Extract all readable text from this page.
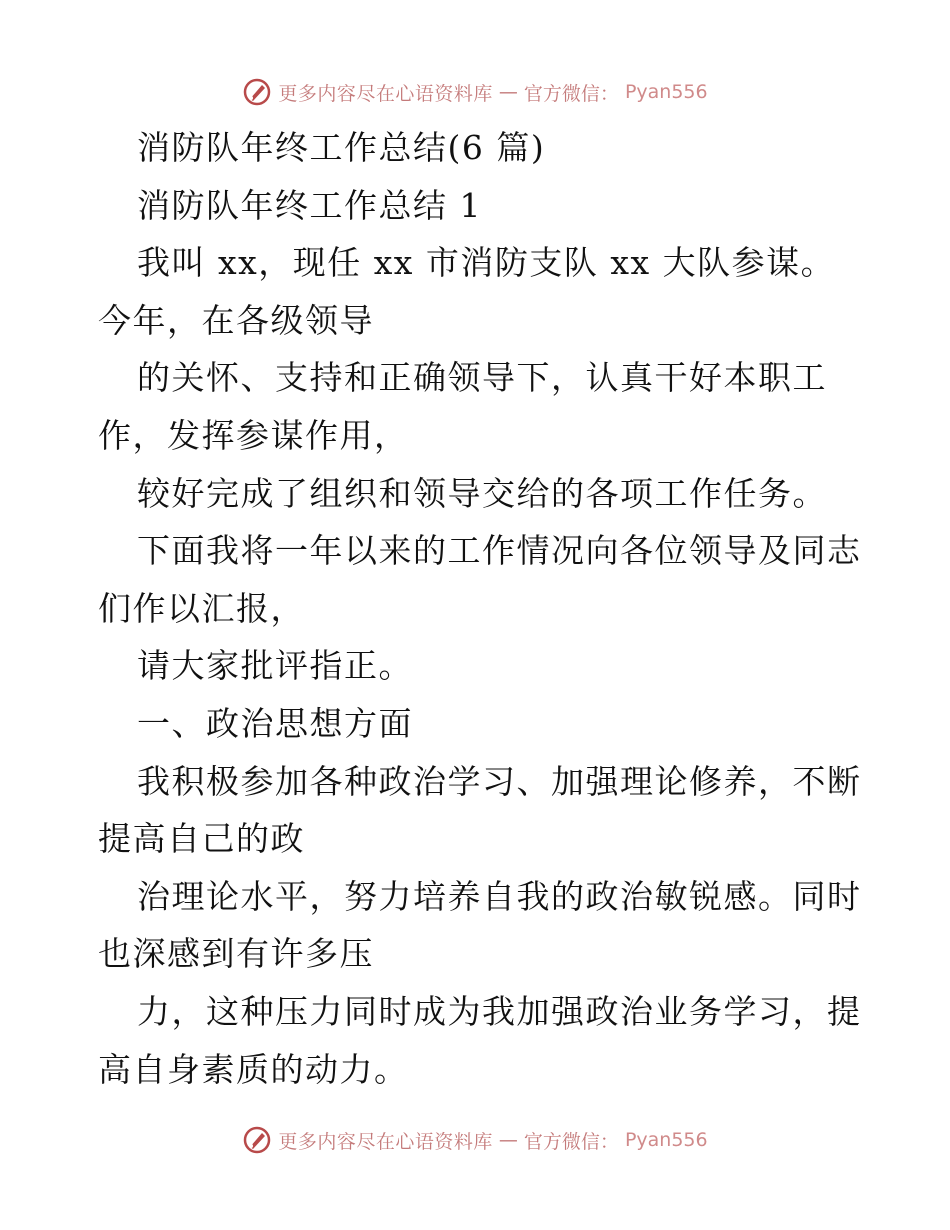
更多内容尽在心语资料库 — 官方微信： Pyan556
消防队年终工作总结(6 篇)
消防队年终工作总结 1
我叫 xx，现任 xx 市消防支队 xx 大队参谋。
今年，在各级领导
的关怀、支持和正确领导下，认真干好本职工
作，发挥参谋作用，
较好完成了组织和领导交给的各项工作任务。
下面我将一年以来的工作情况向各位领导及同志
们作以汇报，
请大家批评指正。
一、政治思想方面
我积极参加各种政治学习、加强理论修养，不断
提高自己的政
治理论水平，努力培养自我的政治敏锐感。同时
也深感到有许多压
力，这种压力同时成为我加强政治业务学习，提
高自身素质的动力。
更多内容尽在心语资料库 — 官方微信： Pyan556
